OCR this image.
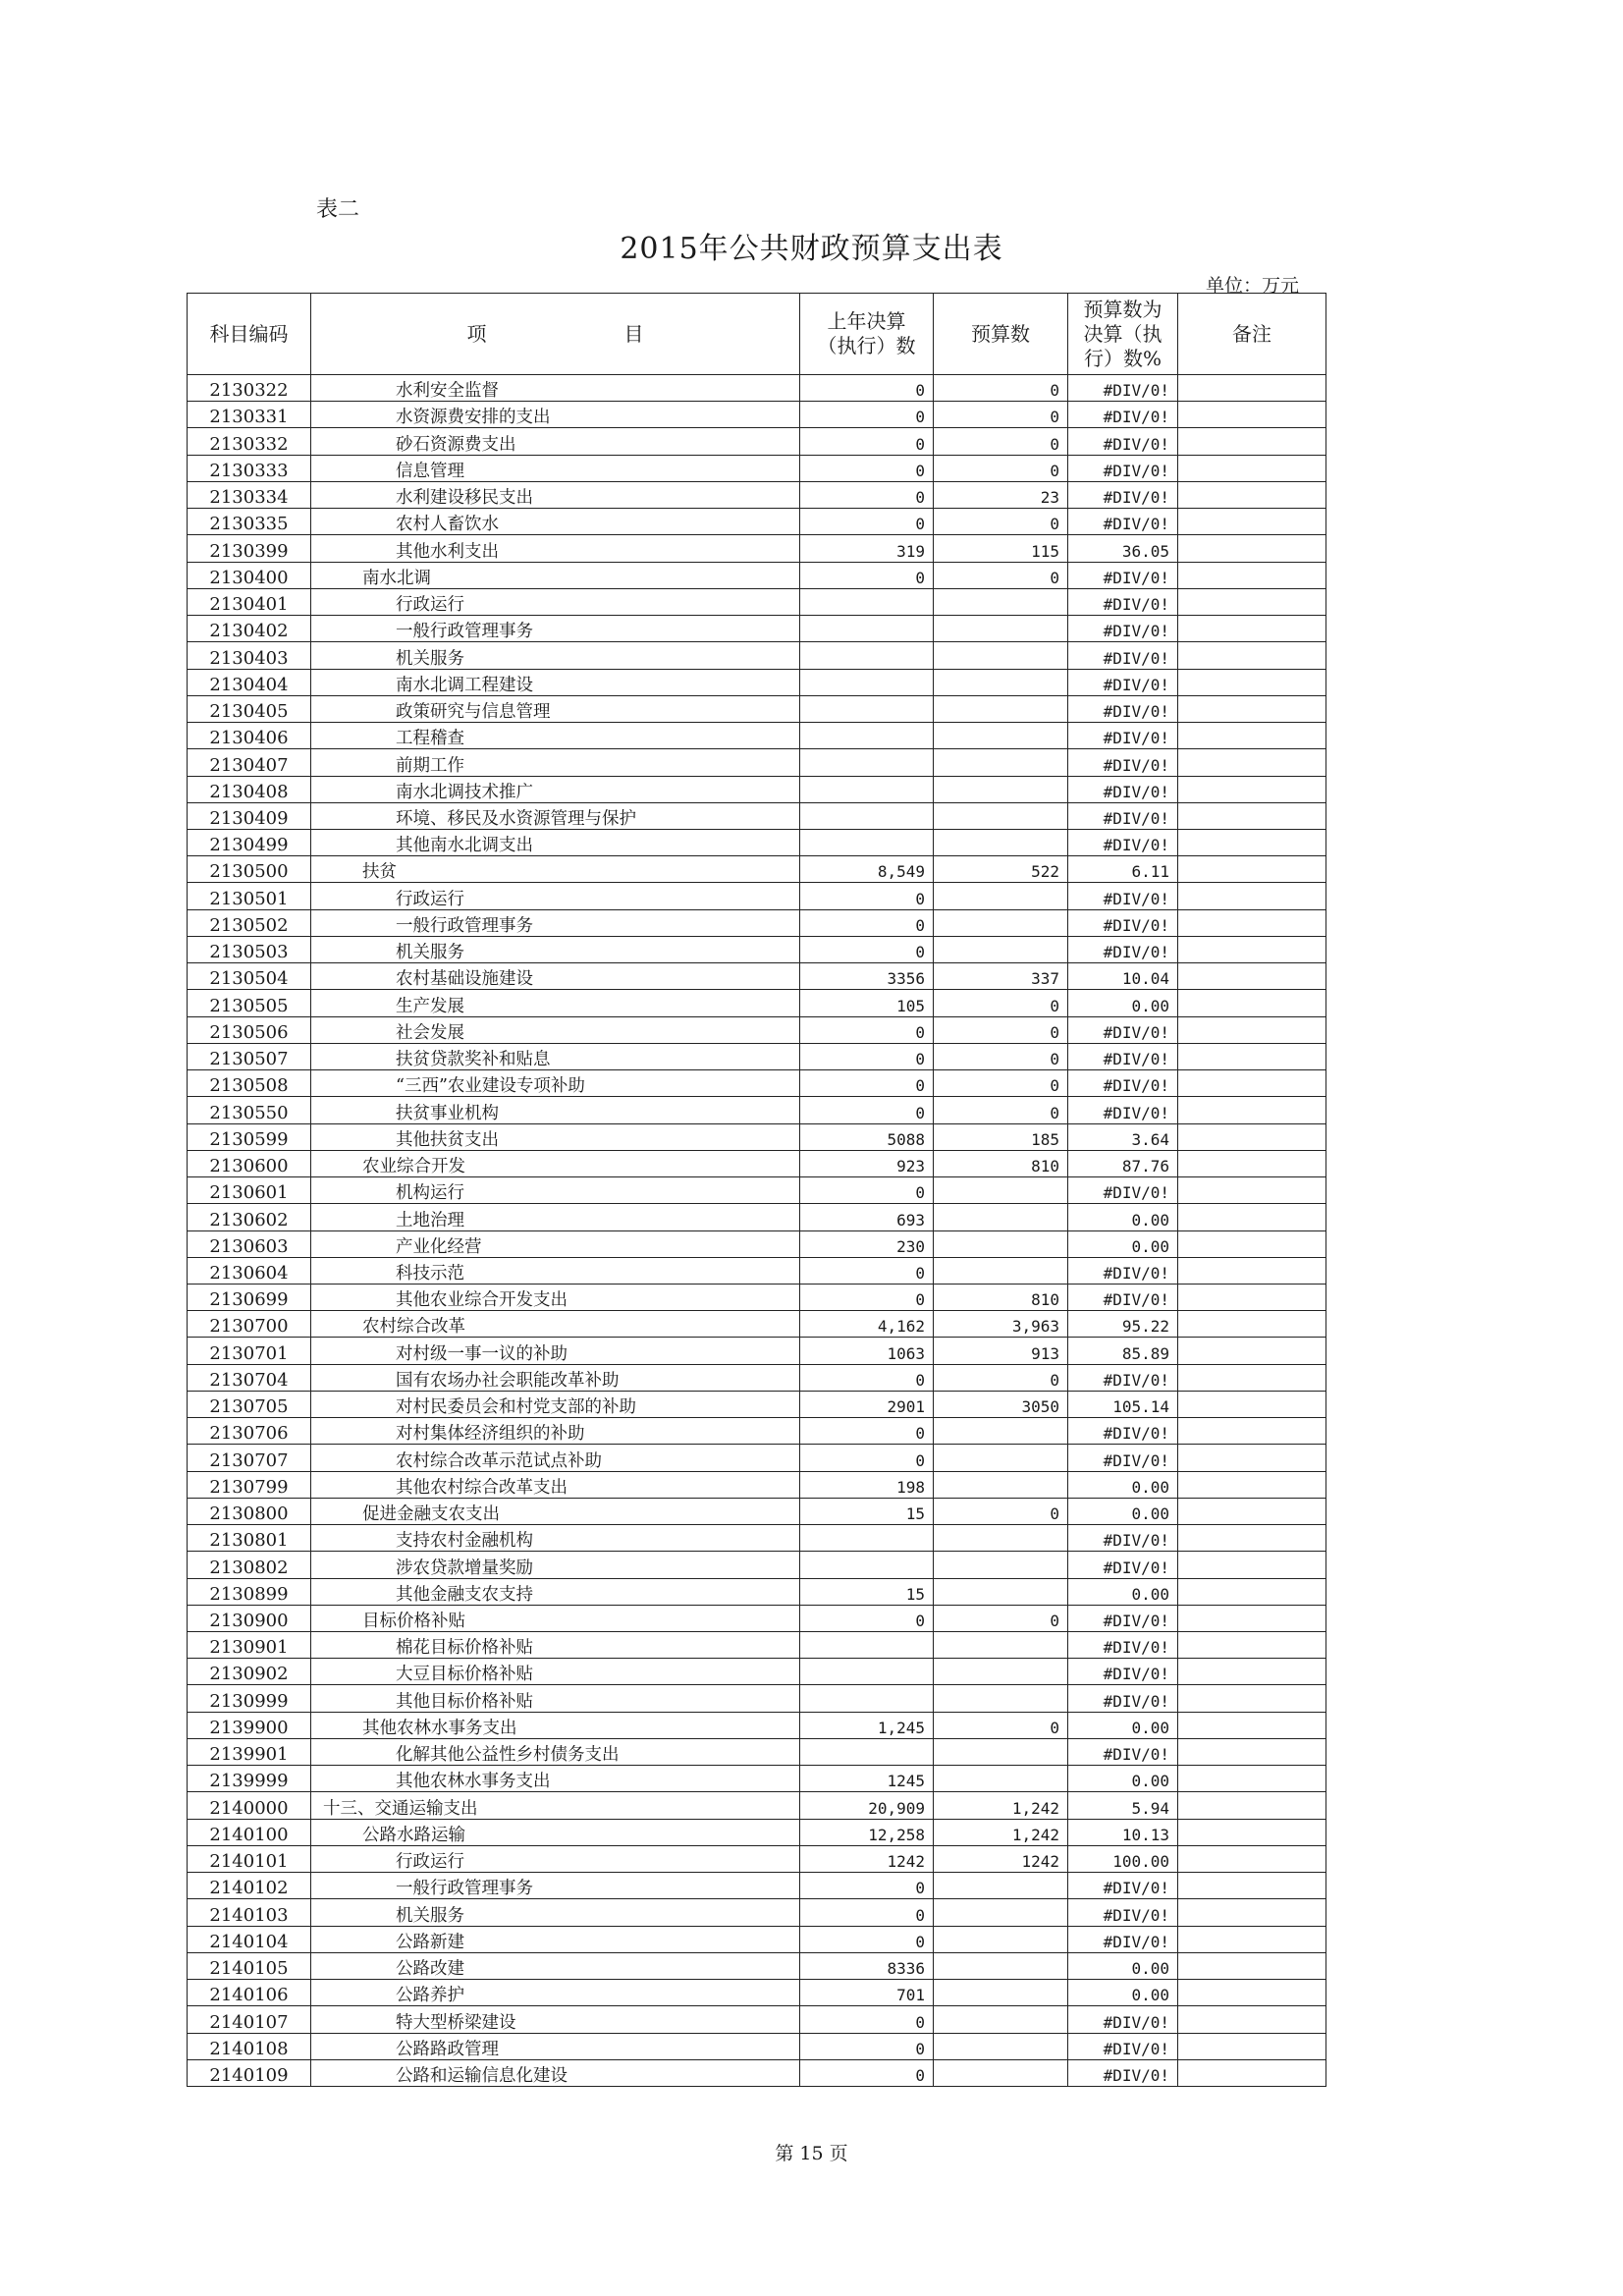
表二
2015年公共财政预算支出表
单位：万元
科目编码	项　　　　　　　目	上年决算（执行）数	预算数	预算数为决算（执行）数%	备注
2130322	水利安全监督	0	0	#DIV/0!	
2130331	水资源费安排的支出	0	0	#DIV/0!	
2130332	砂石资源费支出	0	0	#DIV/0!	
2130333	信息管理	0	0	#DIV/0!	
2130334	水利建设移民支出	0	23	#DIV/0!	
2130335	农村人畜饮水	0	0	#DIV/0!	
2130399	其他水利支出	319	115	36.05	
2130400	南水北调	0	0	#DIV/0!	
2130401	行政运行			#DIV/0!	
2130402	一般行政管理事务			#DIV/0!	
2130403	机关服务			#DIV/0!	
2130404	南水北调工程建设			#DIV/0!	
2130405	政策研究与信息管理			#DIV/0!	
2130406	工程稽查			#DIV/0!	
2130407	前期工作			#DIV/0!	
2130408	南水北调技术推广			#DIV/0!	
2130409	环境、移民及水资源管理与保护			#DIV/0!	
2130499	其他南水北调支出			#DIV/0!	
2130500	扶贫	8,549	522	6.11	
2130501	行政运行	0		#DIV/0!	
2130502	一般行政管理事务	0		#DIV/0!	
2130503	机关服务	0		#DIV/0!	
2130504	农村基础设施建设	3356	337	10.04	
2130505	生产发展	105	0	0.00	
2130506	社会发展	0	0	#DIV/0!	
2130507	扶贫贷款奖补和贴息	0	0	#DIV/0!	
2130508	“三西”农业建设专项补助	0	0	#DIV/0!	
2130550	扶贫事业机构	0	0	#DIV/0!	
2130599	其他扶贫支出	5088	185	3.64	
2130600	农业综合开发	923	810	87.76	
2130601	机构运行	0		#DIV/0!	
2130602	土地治理	693		0.00	
2130603	产业化经营	230		0.00	
2130604	科技示范	0		#DIV/0!	
2130699	其他农业综合开发支出	0	810	#DIV/0!	
2130700	农村综合改革	4,162	3,963	95.22	
2130701	对村级一事一议的补助	1063	913	85.89	
2130704	国有农场办社会职能改革补助	0	0	#DIV/0!	
2130705	对村民委员会和村党支部的补助	2901	3050	105.14	
2130706	对村集体经济组织的补助	0		#DIV/0!	
2130707	农村综合改革示范试点补助	0		#DIV/0!	
2130799	其他农村综合改革支出	198		0.00	
2130800	促进金融支农支出	15	0	0.00	
2130801	支持农村金融机构			#DIV/0!	
2130802	涉农贷款增量奖励			#DIV/0!	
2130899	其他金融支农支持	15		0.00	
2130900	目标价格补贴	0	0	#DIV/0!	
2130901	棉花目标价格补贴			#DIV/0!	
2130902	大豆目标价格补贴			#DIV/0!	
2130999	其他目标价格补贴			#DIV/0!	
2139900	其他农林水事务支出	1,245	0	0.00	
2139901	化解其他公益性乡村债务支出			#DIV/0!	
2139999	其他农林水事务支出	1245		0.00	
2140000	十三、交通运输支出	20,909	1,242	5.94	
2140100	公路水路运输	12,258	1,242	10.13	
2140101	行政运行	1242	1242	100.00	
2140102	一般行政管理事务	0		#DIV/0!	
2140103	机关服务	0		#DIV/0!	
2140104	公路新建	0		#DIV/0!	
2140105	公路改建	8336		0.00	
2140106	公路养护	701		0.00	
2140107	特大型桥梁建设	0		#DIV/0!	
2140108	公路路政管理	0		#DIV/0!	
2140109	公路和运输信息化建设	0		#DIV/0!	
第 15 页
